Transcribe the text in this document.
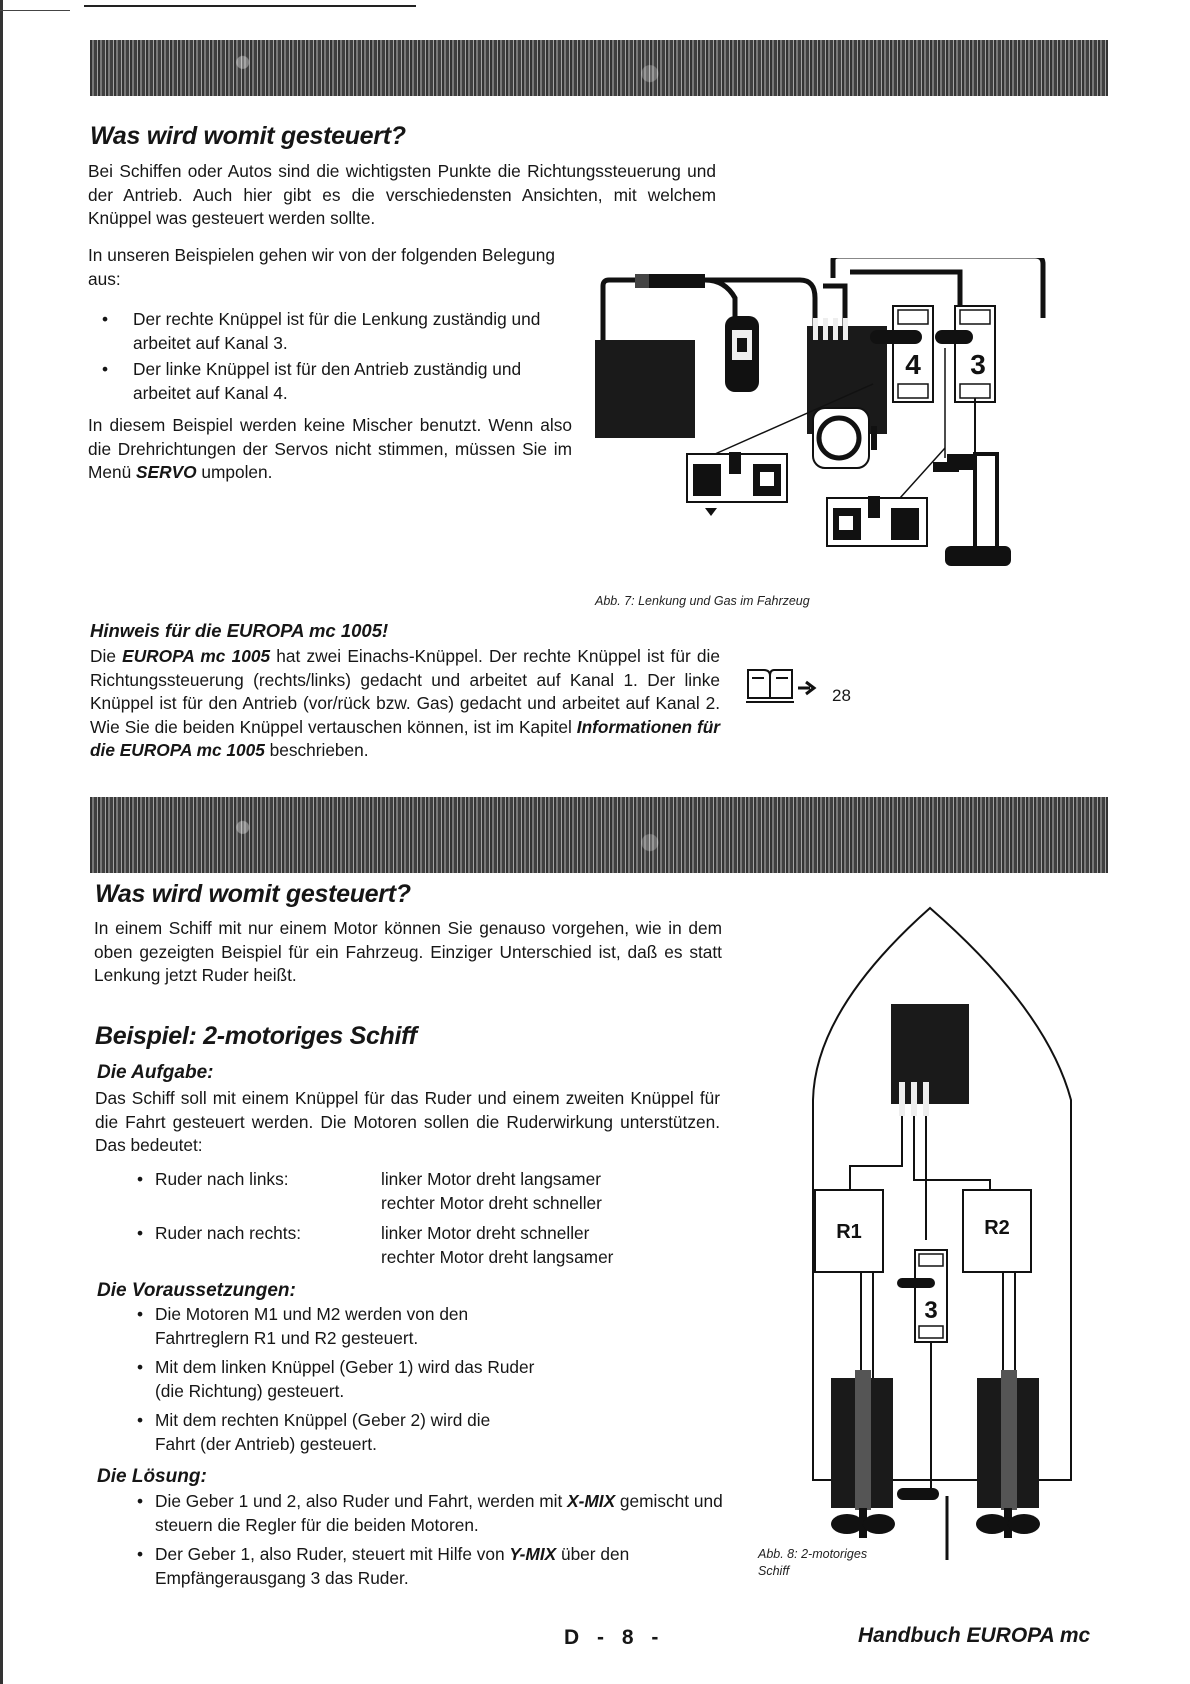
Was wird womit gesteuert?

Bei Schiffen oder Autos sind die wichtigsten Punkte die Richtungssteuerung und der Antrieb. Auch hier gibt es die verschiedensten Ansichten, mit welchem Knüppel was gesteuert werden sollte.

In unseren Beispielen gehen wir von der folgenden Belegung aus:

• Der rechte Knüppel ist für die Lenkung zuständig und arbeitet auf Kanal 3.
• Der linke Knüppel ist für den Antrieb zuständig und arbeitet auf Kanal 4.

In diesem Beispiel werden keine Mischer benutzt. Wenn also die Drehrichtungen der Servos nicht stimmen, müssen Sie im Menü SERVO umpolen.

4 3
Abb. 7: Lenkung und Gas im Fahrzeug
Hinweis für die EUROPA mc 1005!

Die EUROPA mc 1005 hat zwei Einachs-Knüppel. Der rechte Knüppel ist für die Richtungssteuerung (rechts/links) gedacht und arbeitet auf Kanal 1. Der linke Knüppel ist für den Antrieb (vor/rück bzw. Gas) gedacht und arbeitet auf Kanal 2. Wie Sie die beiden Knüppel vertauschen können, ist im Kapitel Informationen für die EUROPA mc 1005 beschrieben.

28
Was wird womit gesteuert?

In einem Schiff mit nur einem Motor können Sie genauso vorgehen, wie in dem oben gezeigten Beispiel für ein Fahrzeug. Einziger Unterschied ist, daß es statt Lenkung jetzt Ruder heißt.

Beispiel: 2-motoriges Schiff
Die Aufgabe:

Das Schiff soll mit einem Knüppel für das Ruder und einem zweiten Knüppel für die Fahrt gesteuert werden. Die Motoren sollen die Ruderwirkung unterstützen. Das bedeutet:

• Ruder nach links:	linker Motor dreht langsamer
rechter Motor dreht schneller
• Ruder nach rechts:	linker Motor dreht schneller
rechter Motor dreht langsamer
Die Voraussetzungen:
• Die Motoren M1 und M2 werden von den Fahrtreglern R1 und R2 gesteuert.
• Mit dem linken Knüppel (Geber 1) wird das Ruder (die Richtung) gesteuert.
• Mit dem rechten Knüppel (Geber 2) wird die Fahrt (der Antrieb) gesteuert.
Die Lösung:
• Die Geber 1 und 2, also Ruder und Fahrt, werden mit X-MIX gemischt und steuern die Regler für die beiden Motoren.
• Der Geber 1, also Ruder, steuert mit Hilfe von Y-MIX über den Empfängerausgang 3 das Ruder.
R1	R2
3
Abb. 8: 2-motoriges Schiff
D - 8 -	Handbuch EUROPA mc
